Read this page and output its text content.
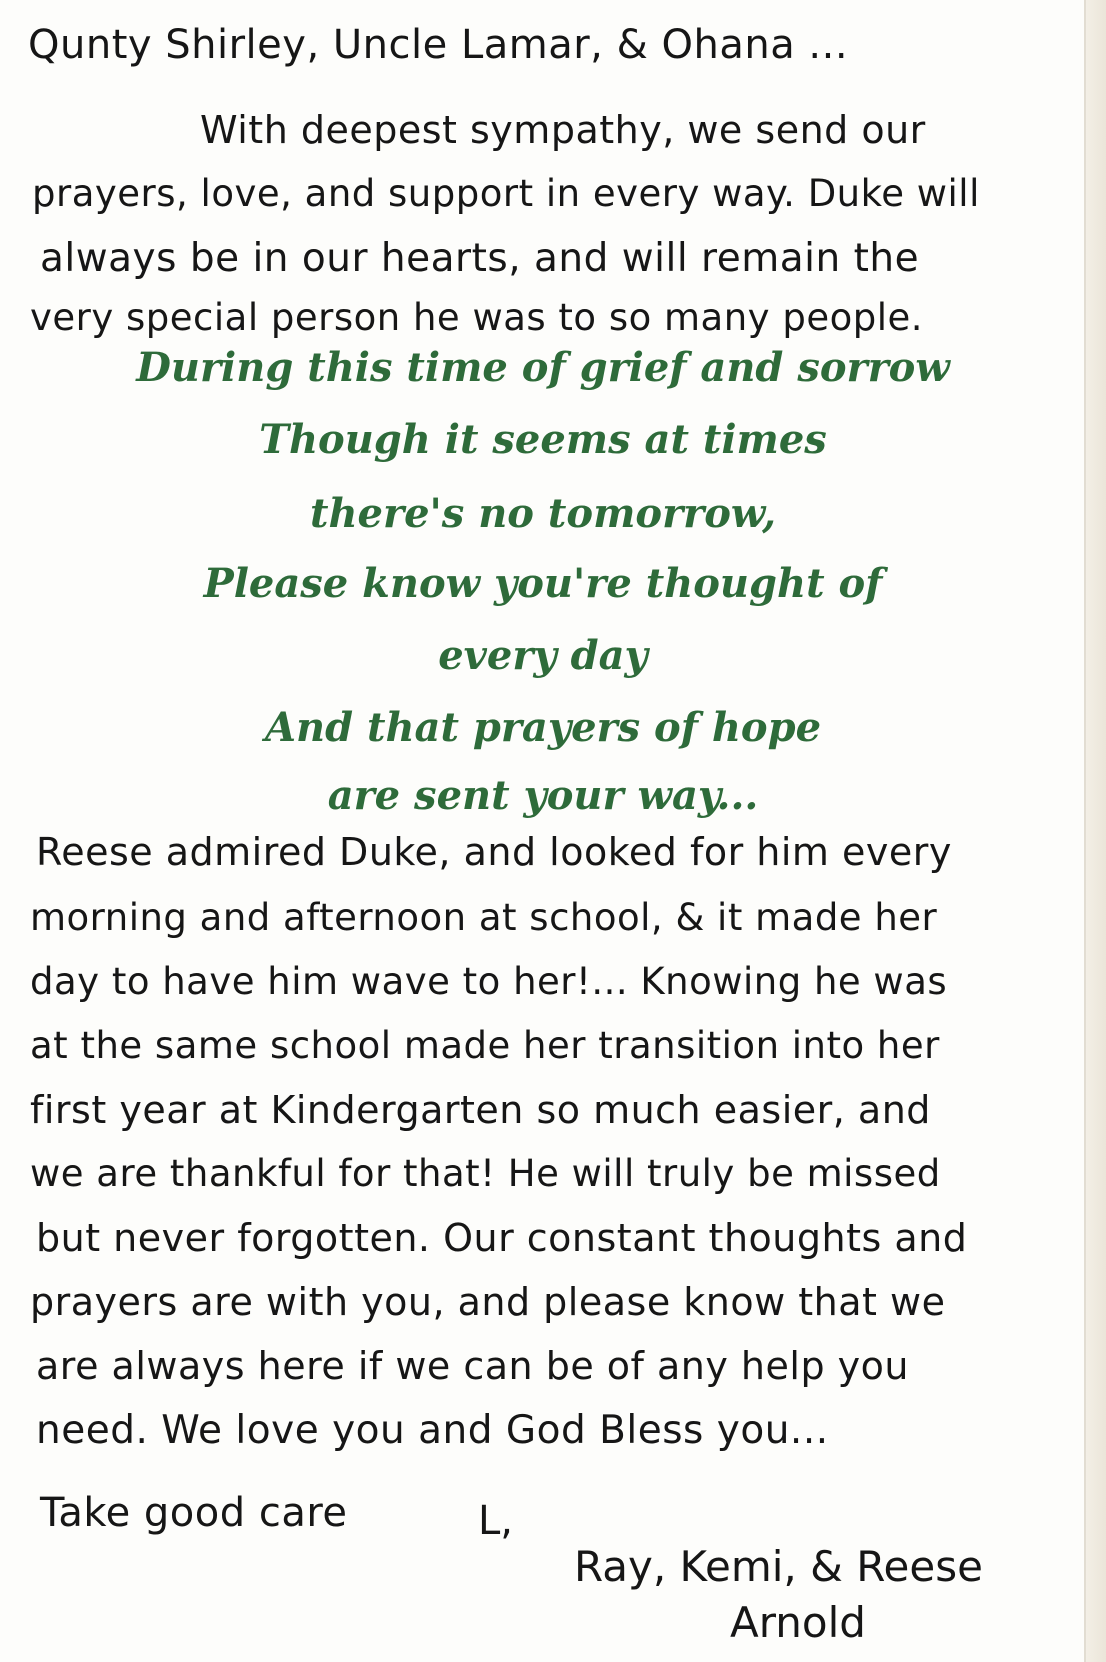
Qunty Shirley, Uncle Lamar, & Ohana ...

With deepest sympathy, we send our

prayers, love, and support in every way. Duke will

always be in our hearts, and will remain the

very special person he was to so many people.

During this time of grief and sorrow

Though it seems at times

there's no tomorrow,

Please know you're thought of

every day

And that prayers of hope

are sent your way...

Reese admired Duke, and looked for him every

morning and afternoon at school, & it made her

day to have him wave to her!... Knowing he was

at the same school made her transition into her

first year at Kindergarten so much easier, and

we are thankful for that! He will truly be missed

but never forgotten. Our constant thoughts and

prayers are with you, and please know that we

are always here if we can be of any help you

need. We love you and God Bless you...

Take good care	L,

Ray, Kemi, & Reese

Arnold
